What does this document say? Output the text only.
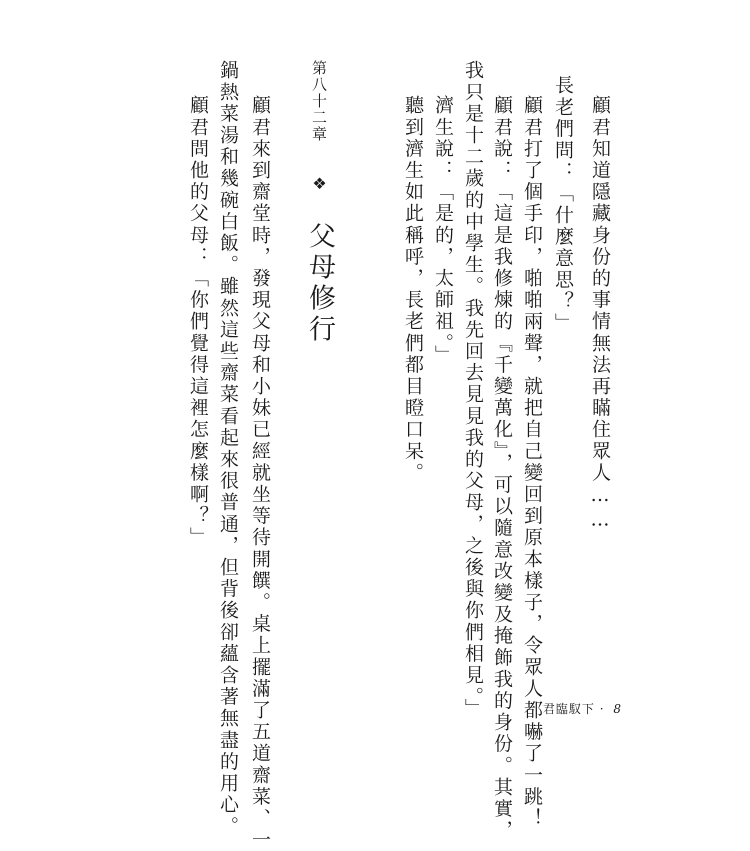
顧君知道隱藏身份的事情無法再瞞住眾人……
長老們問：「什麼意思？」
顧君打了個手印，啪啪兩聲，就把自己變回到原本樣子，令眾人都嚇了一跳！
顧君說：「這是我修煉的『千變萬化』，可以隨意改變及掩飾我的身份。其實，
我只是十二歲的中學生。我先回去見見我的父母，之後與你們相見。」
濟生說：「是的，太師祖。」
聽到濟生如此稱呼，長老們都目瞪口呆。
第八十二章 ❖ 父母修行
顧君來到齋堂時，發現父母和小妹已經就坐等待開饌。桌上擺滿了五道齋菜、一
鍋熱菜湯和幾碗白飯。雖然這些齋菜看起來很普通，但背後卻蘊含著無盡的用心。
顧君問他的父母：「你們覺得這裡怎麼樣啊？」
君臨馭下 · 8
